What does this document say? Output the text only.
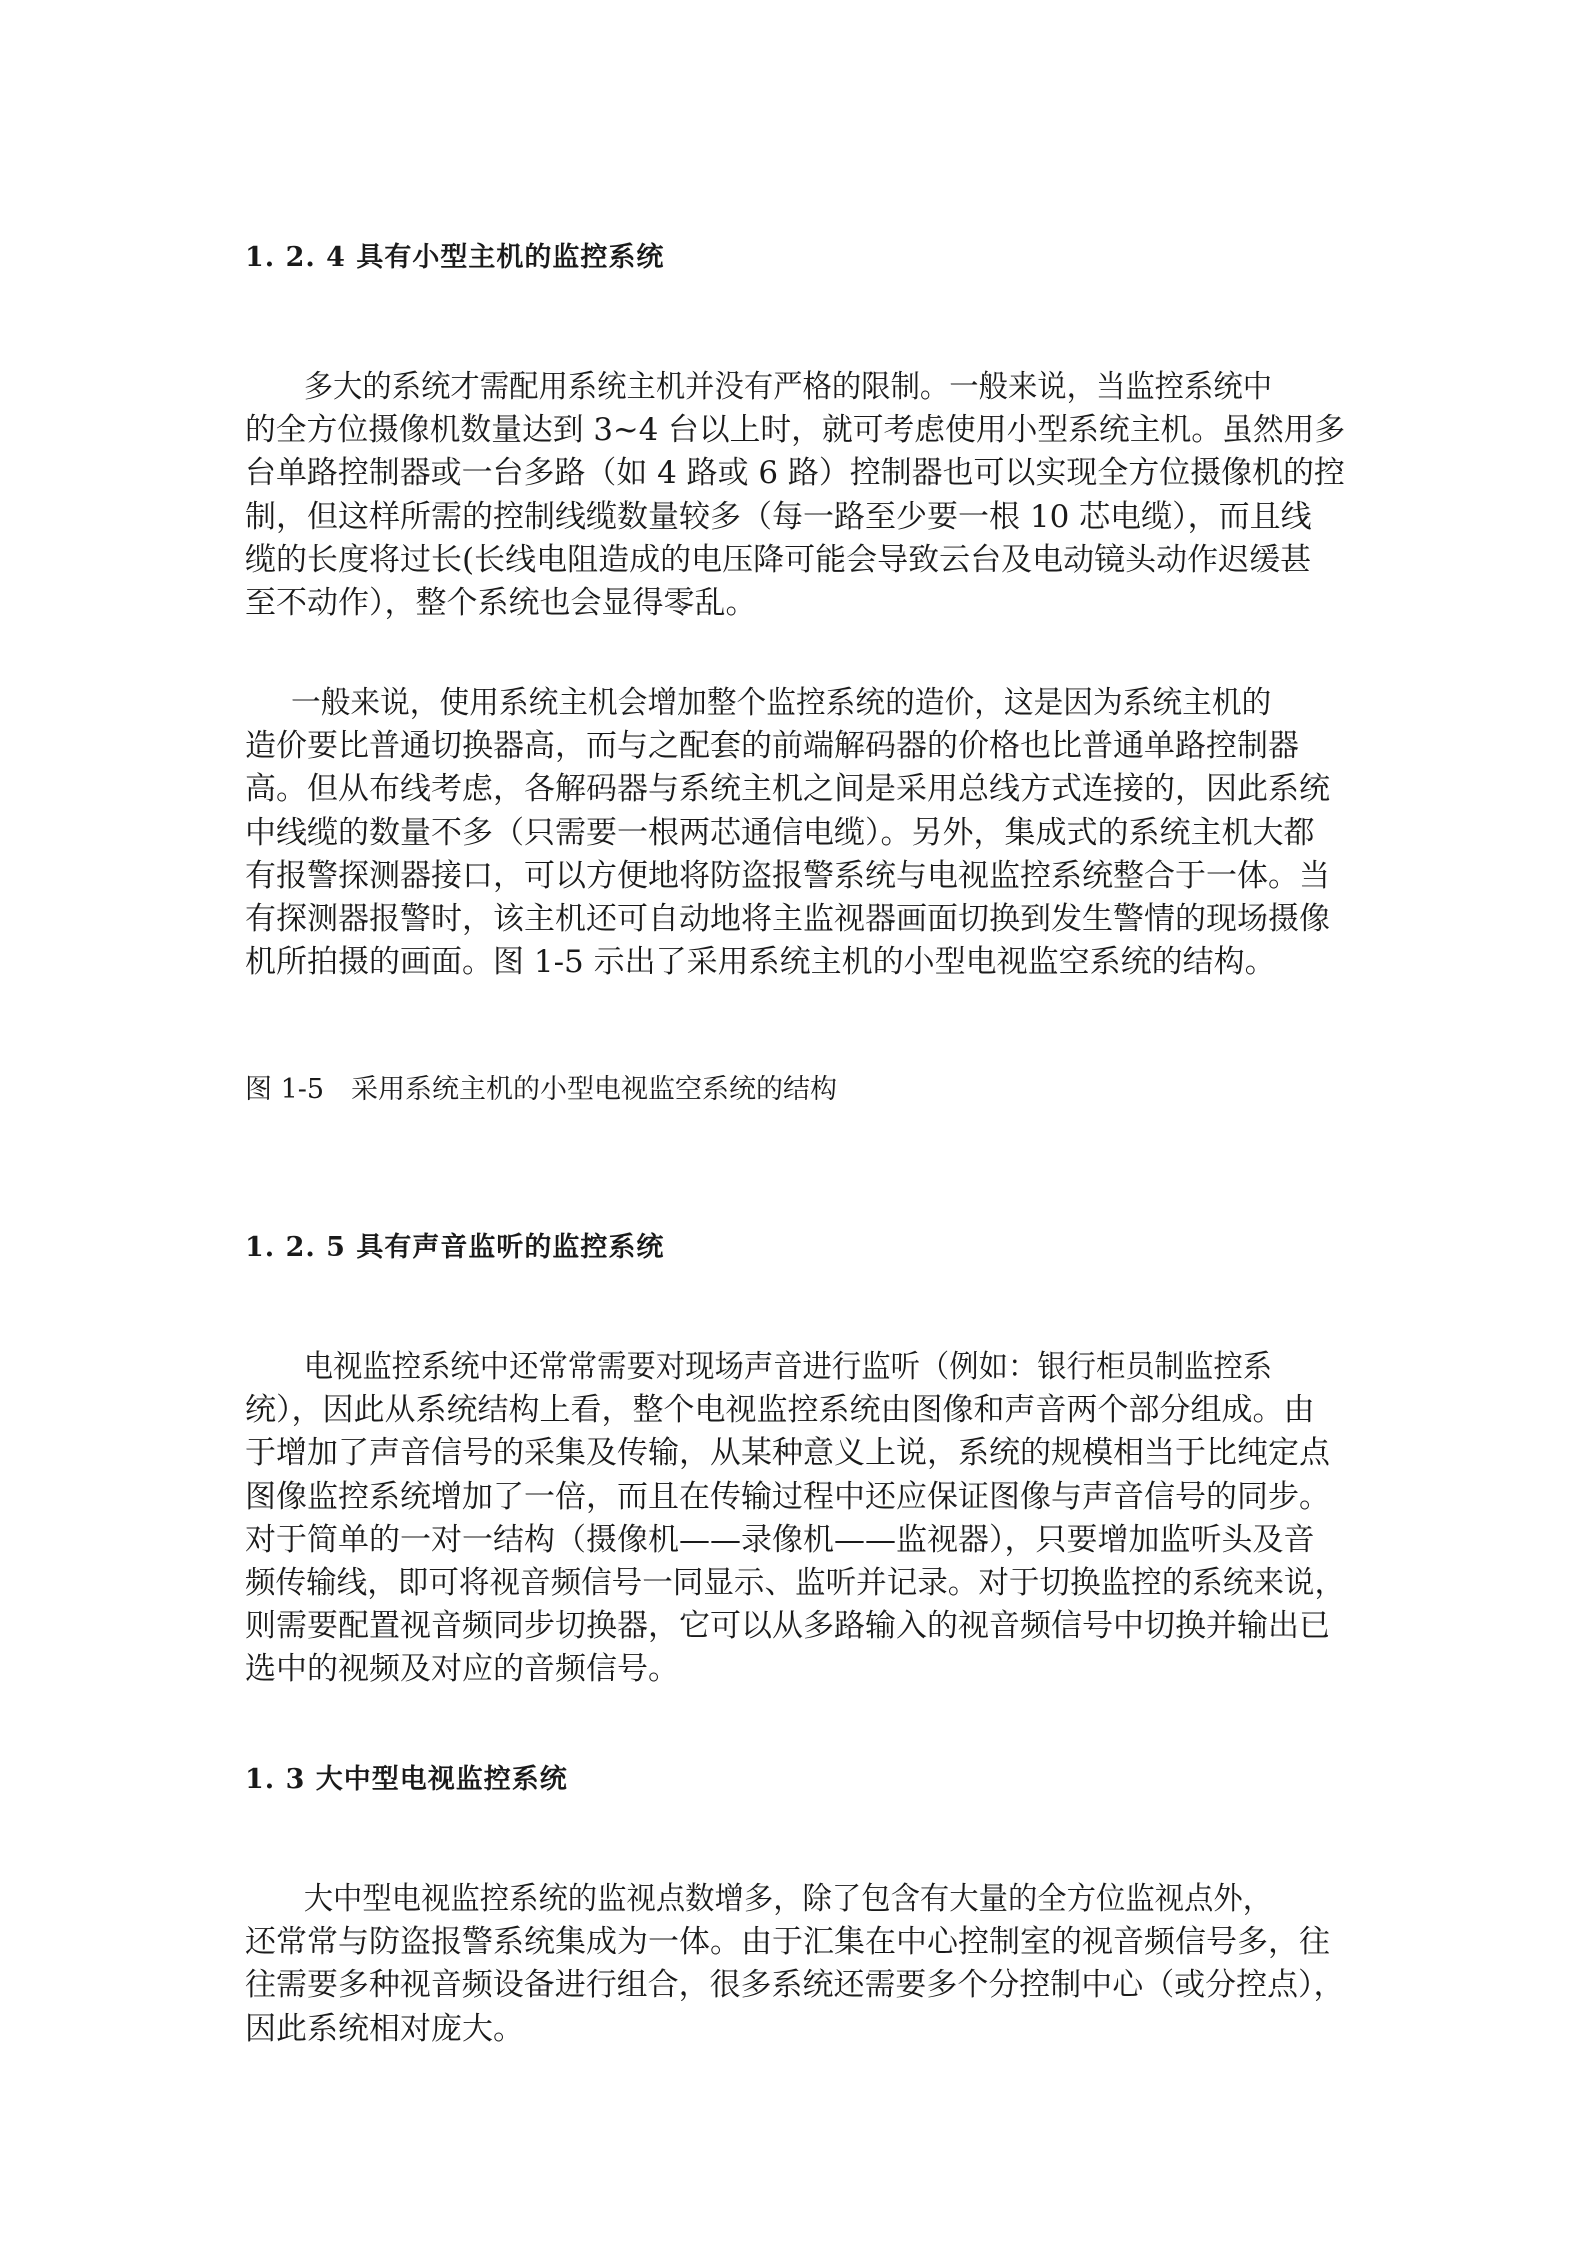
1. 2. 4 具有小型主机的监控系统

多大的系统才需配用系统主机并没有严格的限制。一般来说，当监控系统中
的全方位摄像机数量达到 3~4 台以上时，就可考虑使用小型系统主机。虽然用多
台单路控制器或一台多路（如 4 路或 6 路）控制器也可以实现全方位摄像机的控
制，但这样所需的控制线缆数量较多（每一路至少要一根 10 芯电缆），而且线
缆的长度将过长(长线电阻造成的电压降可能会导致云台及电动镜头动作迟缓甚
至不动作），整个系统也会显得零乱。

一般来说，使用系统主机会增加整个监控系统的造价，这是因为系统主机的
造价要比普通切换器高，而与之配套的前端解码器的价格也比普通单路控制器
高。但从布线考虑，各解码器与系统主机之间是采用总线方式连接的，因此系统
中线缆的数量不多（只需要一根两芯通信电缆）。另外，集成式的系统主机大都
有报警探测器接口，可以方便地将防盗报警系统与电视监控系统整合于一体。当
有探测器报警时，该主机还可自动地将主监视器画面切换到发生警情的现场摄像
机所拍摄的画面。图 1-5 示出了采用系统主机的小型电视监空系统的结构。

图 1-5　采用系统主机的小型电视监空系统的结构
1. 2. 5 具有声音监听的监控系统

电视监控系统中还常常需要对现场声音进行监听（例如：银行柜员制监控系
统），因此从系统结构上看，整个电视监控系统由图像和声音两个部分组成。由
于增加了声音信号的采集及传输，从某种意义上说，系统的规模相当于比纯定点
图像监控系统增加了一倍，而且在传输过程中还应保证图像与声音信号的同步。
对于简单的一对一结构（摄像机——录像机——监视器），只要增加监听头及音
频传输线，即可将视音频信号一同显示、监听并记录。对于切换监控的系统来说，
则需要配置视音频同步切换器，它可以从多路输入的视音频信号中切换并输出已
选中的视频及对应的音频信号。

1. 3 大中型电视监控系统

大中型电视监控系统的监视点数增多，除了包含有大量的全方位监视点外，
还常常与防盗报警系统集成为一体。由于汇集在中心控制室的视音频信号多，往
往需要多种视音频设备进行组合，很多系统还需要多个分控制中心（或分控点），
因此系统相对庞大。
